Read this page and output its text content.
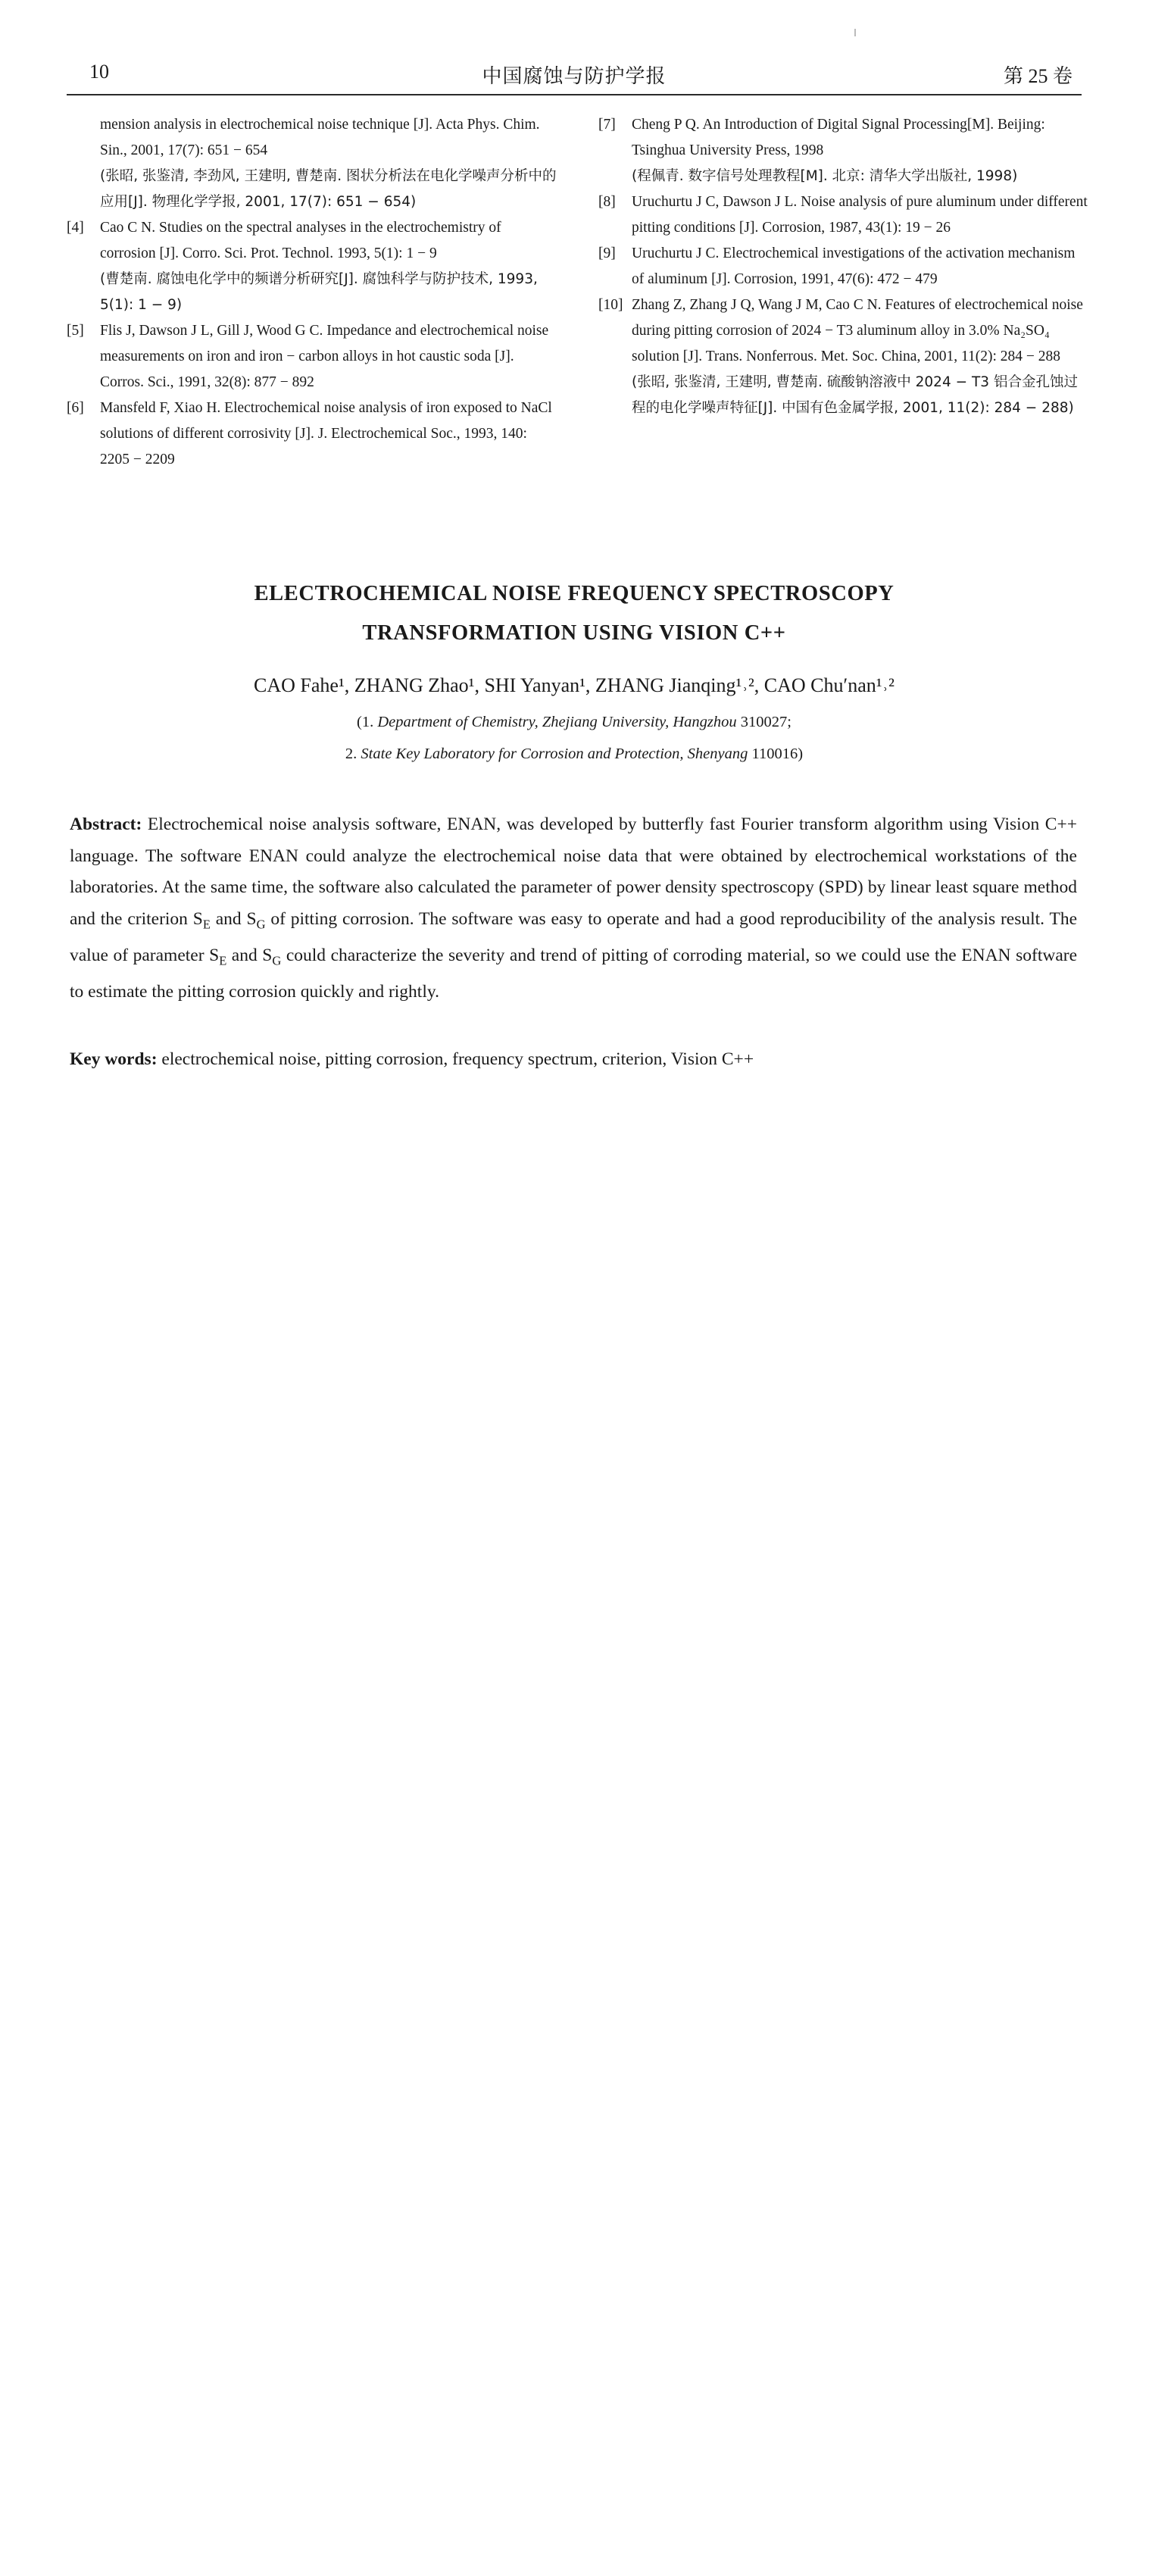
10	中国腐蚀与防护学报	第 25 卷
mension analysis in electrochemical noise technique [J]. Acta Phys. Chim. Sin., 2001, 17(7): 651 − 654
(张昭, 张鉴清, 李劲风, 王建明, 曹楚南. 图状分析法在电化学噪声分析中的应用[J]. 物理化学学报, 2001, 17(7): 651 − 654)
[4] Cao C N. Studies on the spectral analyses in the electrochemistry of corrosion [J]. Corro. Sci. Prot. Technol. 1993, 5(1): 1 − 9
(曹楚南. 腐蚀电化学中的频谱分析研究[J]. 腐蚀科学与防护技术, 1993, 5(1): 1 − 9)
[5] Flis J, Dawson J L, Gill J, Wood G C. Impedance and electrochemical noise measurements on iron and iron − carbon alloys in hot caustic soda [J]. Corros. Sci., 1991, 32(8): 877 − 892
[6] Mansfeld F, Xiao H. Electrochemical noise analysis of iron exposed to NaCl solutions of different corrosivity [J]. J. Electrochemical Soc., 1993, 140: 2205 − 2209
[7] Cheng P Q. An Introduction of Digital Signal Processing[M]. Beijing: Tsinghua University Press, 1998
(程佩青. 数字信号处理教程[M]. 北京: 清华大学出版社, 1998)
[8] Uruchurtu J C, Dawson J L. Noise analysis of pure aluminum under different pitting conditions [J]. Corrosion, 1987, 43(1): 19 − 26
[9] Uruchurtu J C. Electrochemical investigations of the activation mechanism of aluminum [J]. Corrosion, 1991, 47(6): 472 − 479
[10] Zhang Z, Zhang J Q, Wang J M, Cao C N. Features of electrochemical noise during pitting corrosion of 2024 − T3 aluminum alloy in 3.0% Na₂SO₄ solution [J]. Trans. Nonferrous. Met. Soc. China, 2001, 11(2): 284 − 288
(张昭, 张鉴清, 王建明, 曹楚南. 硫酸钠溶液中 2024 − T3 铝合金孔蚀过程的电化学噪声特征[J]. 中国有色金属学报, 2001, 11(2): 284 − 288)
ELECTROCHEMICAL NOISE FREQUENCY SPECTROSCOPY
TRANSFORMATION USING VISION C++
CAO Fahe¹, ZHANG Zhao¹, SHI Yanyan¹, ZHANG Jianqing¹˒², CAO Chu′nan¹˒²
(1. Department of Chemistry, Zhejiang University, Hangzhou 310027;
2. State Key Laboratory for Corrosion and Protection, Shenyang 110016)
Abstract: Electrochemical noise analysis software, ENAN, was developed by butterfly fast Fourier transform algorithm using Vision C++ language. The software ENAN could analyze the electrochemical noise data that were obtained by electrochemical workstations of the laboratories. At the same time, the software also calculated the parameter of power density spectroscopy (SPD) by linear least square method and the criterion $S_E$ and $S_G$ of pitting corrosion. The software was easy to operate and had a good reproducibility of the analysis result. The value of parameter $S_E$ and $S_G$ could characterize the severity and trend of pitting of corroding material, so we could use the ENAN software to estimate the pitting corrosion quickly and rightly.
Key words: electrochemical noise, pitting corrosion, frequency spectrum, criterion, Vision C++
